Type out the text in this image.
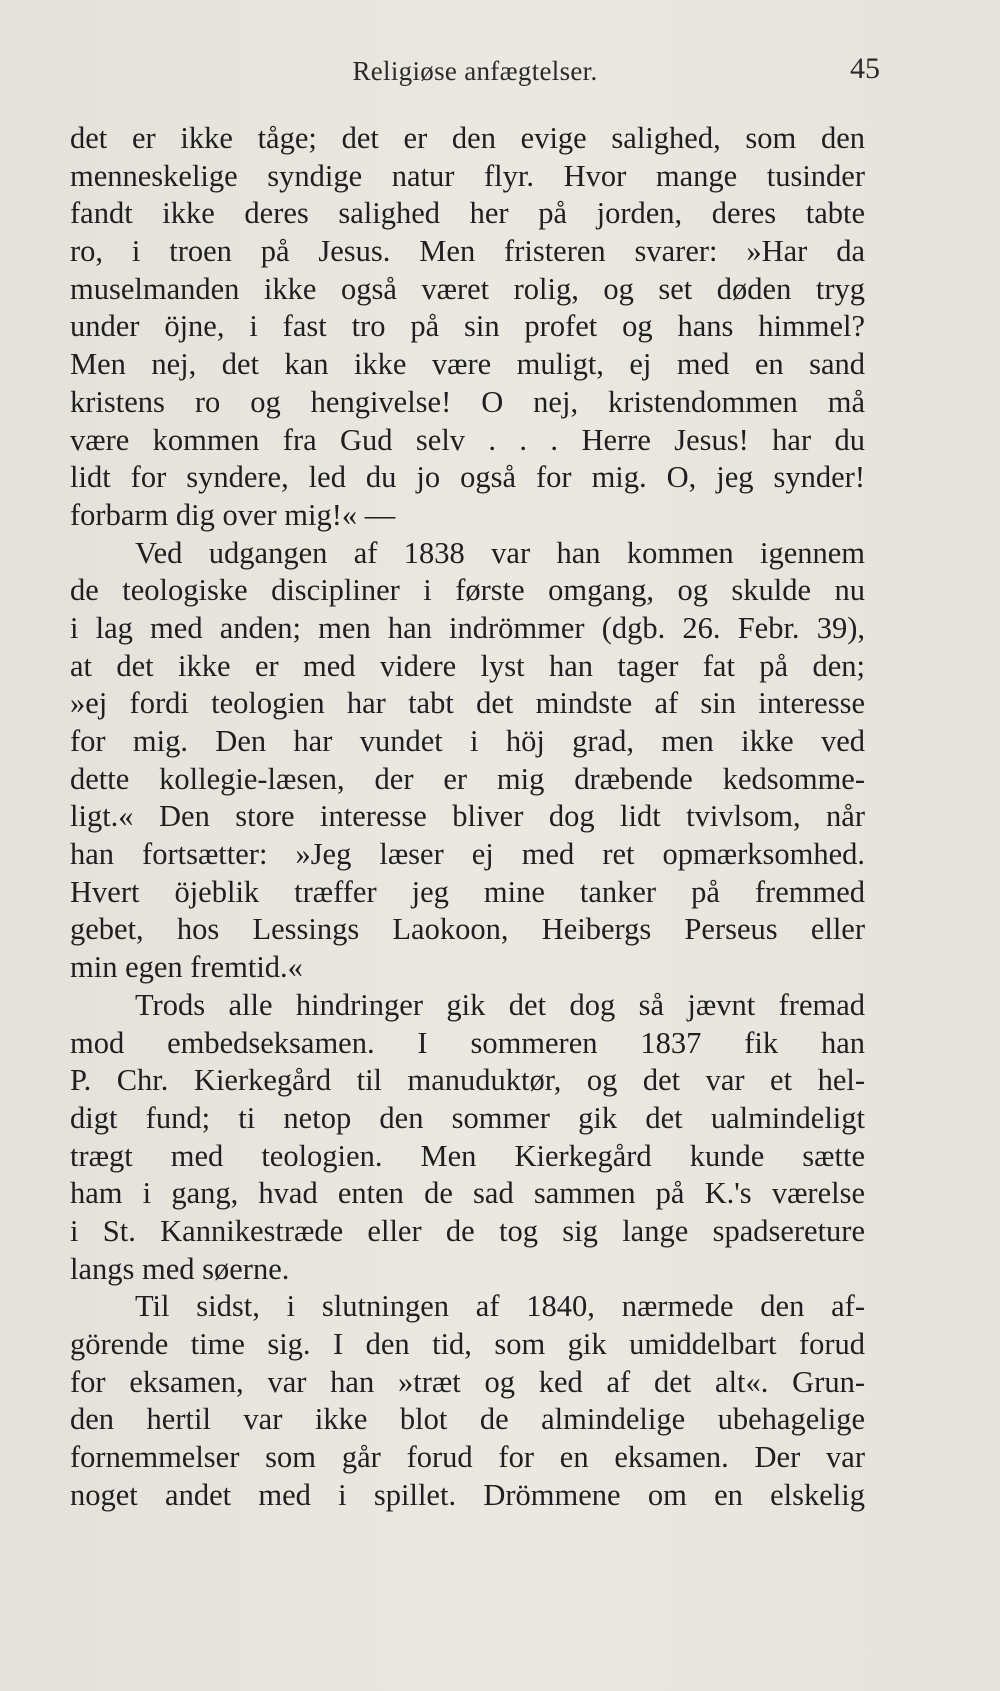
Religiøse anfægtelser.	45
det er ikke tåge; det er den evige salighed, som den
menneskelige syndige natur flyr. Hvor mange tusinder
fandt ikke deres salighed her på jorden, deres tabte
ro, i troen på Jesus. Men fristeren svarer: »Har da
muselmanden ikke også været rolig, og set døden tryg
under öjne, i fast tro på sin profet og hans himmel?
Men nej, det kan ikke være muligt, ej med en sand
kristens ro og hengivelse! O nej, kristendommen må
være kommen fra Gud selv . . . Herre Jesus! har du
lidt for syndere, led du jo også for mig. O, jeg synder!
forbarm dig over mig!« —
Ved udgangen af 1838 var han kommen igennem
de teologiske discipliner i første omgang, og skulde nu
i lag med anden; men han indrömmer (dgb. 26. Febr. 39),
at det ikke er med videre lyst han tager fat på den;
»ej fordi teologien har tabt det mindste af sin interesse
for mig. Den har vundet i höj grad, men ikke ved
dette kollegie-læsen, der er mig dræbende kedsomme-
ligt.« Den store interesse bliver dog lidt tvivlsom, når
han fortsætter: »Jeg læser ej med ret opmærksomhed.
Hvert öjeblik træffer jeg mine tanker på fremmed
gebet, hos Lessings Laokoon, Heibergs Perseus eller
min egen fremtid.«
Trods alle hindringer gik det dog så jævnt fremad
mod embedseksamen. I sommeren 1837 fik han
P. Chr. Kierkegård til manuduktør, og det var et hel-
digt fund; ti netop den sommer gik det ualmindeligt
trægt med teologien. Men Kierkegård kunde sætte
ham i gang, hvad enten de sad sammen på K.'s værelse
i St. Kannikestræde eller de tog sig lange spadsereture
langs med søerne.
Til sidst, i slutningen af 1840, nærmede den af-
görende time sig. I den tid, som gik umiddelbart forud
for eksamen, var han »træt og ked af det alt«. Grun-
den hertil var ikke blot de almindelige ubehagelige
fornemmelser som går forud for en eksamen. Der var
noget andet med i spillet. Drömmene om en elskelig
